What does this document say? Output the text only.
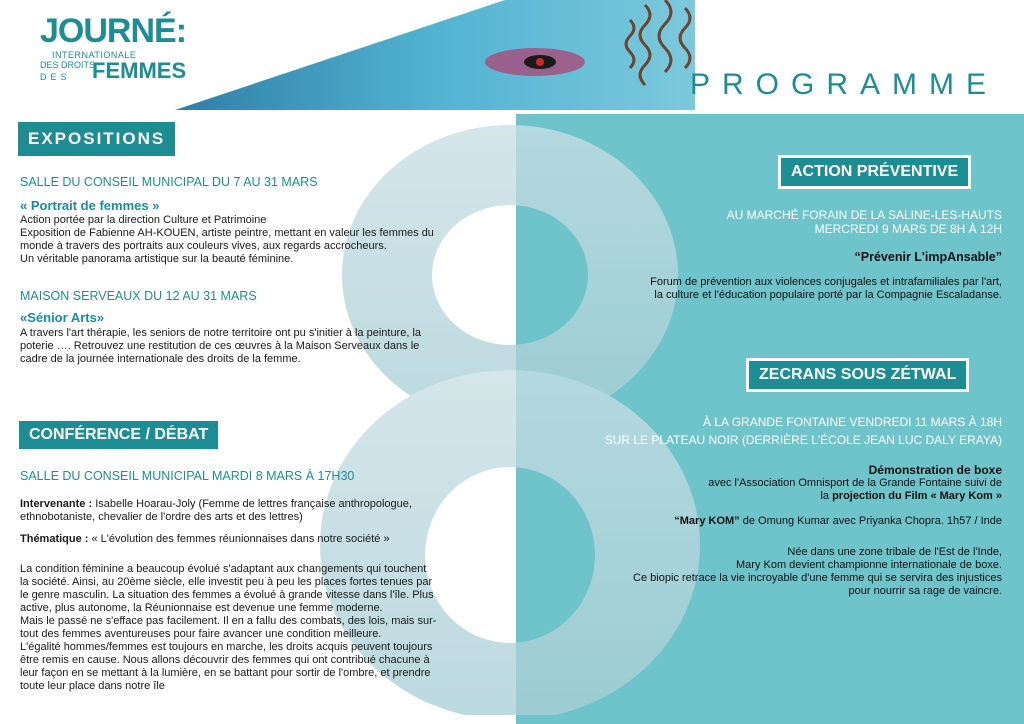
JOURNÉ:
INTERNATIONALE
DES DROITS
FEMMES
DES	PROGRAMME
EXPOSITIONS
SALLE DU CONSEIL MUNICIPAL DU 7 AU 31 MARS
« Portrait de femmes »
Action portée par la direction Culture et Patrimoine
Exposition de Fabienne AH-KOUEN, artiste peintre, mettant en valeur les femmes du
monde à travers des portraits aux couleurs vives, aux regards accrocheurs.
Un véritable panorama artistique sur la beauté féminine.
MAISON SERVEAUX DU 12 AU 31 MARS
«Sénior Arts»
A travers l'art thérapie, les seniors de notre territoire ont pu s'initier à la peinture, la
poterie …. Retrouvez une restitution de ces œuvres à la Maison Serveaux dans le
cadre de la journée internationale des droits de la femme.
CONFÉRENCE / DÉBAT
SALLE DU CONSEIL MUNICIPAL MARDI 8 MARS À 17H30
Intervenante : Isabelle Hoarau-Joly (Femme de lettres française anthropologue,
ethnobotaniste, chevalier de l'ordre des arts et des lettres)
Thématique : « L'évolution des femmes réunionnaises dans notre société »
La condition féminine a beaucoup évolué s'adaptant aux changements qui touchent
la société. Ainsi, au 20ème siècle, elle investit peu à peu les places fortes tenues par
le genre masculin. La situation des femmes a évolué à grande vitesse dans l'île. Plus
active, plus autonome, la Réunionnaise est devenue une femme moderne.
Mais le passé ne s'efface pas facilement. Il en a fallu des combats, des lois, mais sur-
tout des femmes aventureuses pour faire avancer une condition meilleure.
L'égalité hommes/femmes est toujours en marche, les droits acquis peuvent toujours
être remis en cause. Nous allons découvrir des femmes qui ont contribué chacune à
leur façon en se mettant à la lumière, en se battant pour sortir de l'ombre, et prendre
toute leur place dans notre île
ACTION PRÉVENTIVE
AU MARCHÉ FORAIN DE LA SALINE-LES-HAUTS
MERCREDI 9 MARS DE 8H À 12H
“Prévenir L'impAnsable”
Forum de prévention aux violences conjugales et intrafamiliales par l'art,
la culture et l'éducation populaire porté par la Compagnie Escaladanse.
ZECRANS SOUS ZÉTWAL
À LA GRANDE FONTAINE VENDREDI 11 MARS À 18H
SUR LE PLATEAU NOIR (DERRIÈRE L'ÉCOLE JEAN LUC DALY ERAYA)
Démonstration de boxe
avec l'Association Omnisport de la Grande Fontaine suivi de
la projection du Film « Mary Kom »
“Mary KOM” de Omung Kumar avec Priyanka Chopra. 1h57 / Inde
Née dans une zone tribale de l'Est de l'Inde,
Mary Kom devient championne internationale de boxe.
Ce biopic retrace la vie incroyable d'une femme qui se servira des injustices
pour nourrir sa rage de vaincre.
